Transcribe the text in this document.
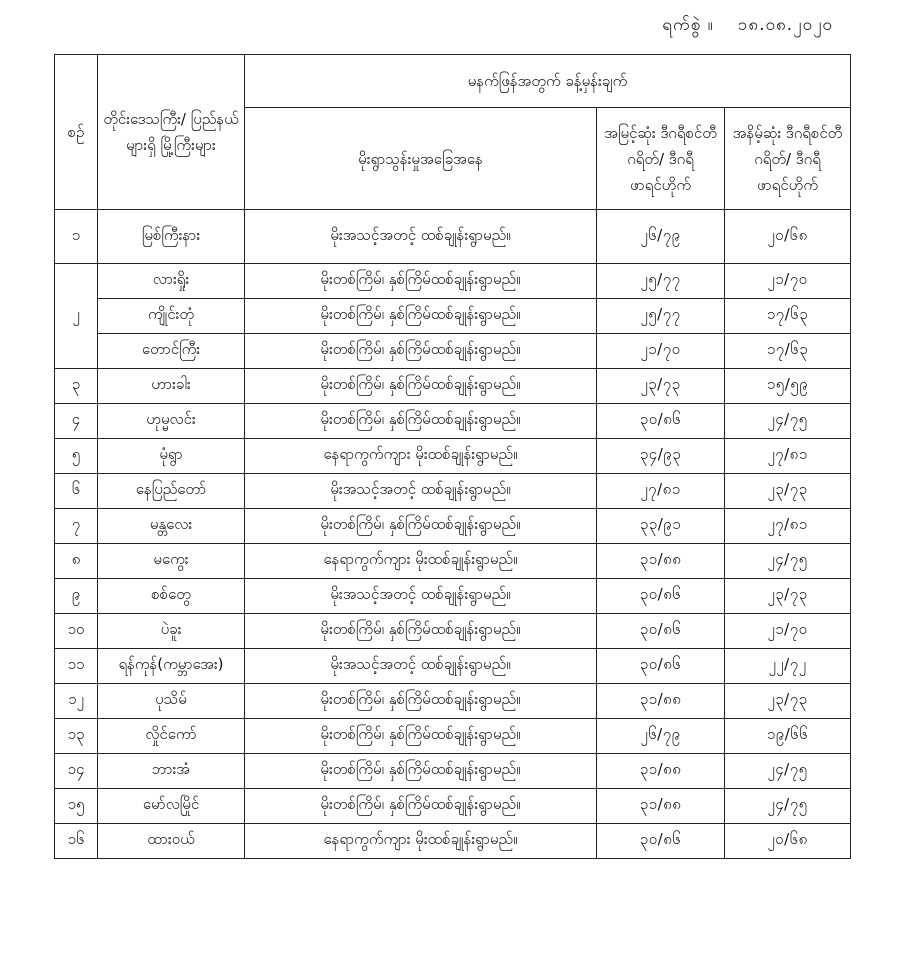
ရက်စွဲ ။ ၁၈.၀၈.၂၀၂၀
စဉ်	တိုင်းဒေသကြီး/ ပြည်နယ်များရှိ မြို့ကြီးများ	မနက်ဖြန်အတွက် ခန့်မှန်းချက်		
		မိုးရွာသွန်းမှုအခြေအနေ	အမြင့်ဆုံး ဒီဂရီစင်တီဂရိတ်/ ဒီဂရီဖာရင်ဟိုက်	အနိမ့်ဆုံး ဒီဂရီစင်တီဂရိတ်/ ဒီဂရီဖာရင်ဟိုက်

၁	မြစ်ကြီးနား	မိုးအသင့်အတင့် ထစ်ချုန်းရွာမည်။	၂၆/၇၉	၂၀/၆၈
၂	လားရှိုး	မိုးတစ်ကြိမ်၊ နှစ်ကြိမ်ထစ်ချုန်းရွာမည်။	၂၅/၇၇	၂၁/၇၀
	ကျိုင်းတုံ	မိုးတစ်ကြိမ်၊ နှစ်ကြိမ်ထစ်ချုန်းရွာမည်။	၂၅/၇၇	၁၇/၆၃
	တောင်ကြီး	မိုးတစ်ကြိမ်၊ နှစ်ကြိမ်ထစ်ချုန်းရွာမည်။	၂၁/၇၀	၁၇/၆၃
၃	ဟားခါး	မိုးတစ်ကြိမ်၊ နှစ်ကြိမ်ထစ်ချုန်းရွာမည်။	၂၃/၇၃	၁၅/၅၉
၄	ဟုမ္မလင်း	မိုးတစ်ကြိမ်၊ နှစ်ကြိမ်ထစ်ချုန်းရွာမည်။	၃၀/၈၆	၂၄/၇၅
၅	မုံရွာ	နေရာကွက်ကျား မိုးထစ်ချုန်းရွာမည်။	၃၄/၉၃	၂၇/၈၁
၆	နေပြည်တော်	မိုးအသင့်အတင့် ထစ်ချုန်းရွာမည်။	၂၇/၈၁	၂၃/၇၃
၇	မန္တလေး	မိုးတစ်ကြိမ်၊ နှစ်ကြိမ်ထစ်ချုန်းရွာမည်။	၃၃/၉၁	၂၇/၈၁
၈	မကွေး	နေရာကွက်ကျား မိုးထစ်ချုန်းရွာမည်။	၃၁/၈၈	၂၄/၇၅
၉	စစ်တွေ	မိုးအသင့်အတင့် ထစ်ချုန်းရွာမည်။	၃၀/၈၆	၂၃/၇၃
၁၀	ပဲခူး	မိုးတစ်ကြိမ်၊ နှစ်ကြိမ်ထစ်ချုန်းရွာမည်။	၃၀/၈၆	၂၁/၇၀
၁၁	ရန်ကုန်(ကမ္ဘာအေး)	မိုးအသင့်အတင့် ထစ်ချုန်းရွာမည်။	၃၀/၈၆	၂၂/၇၂
၁၂	ပုသိမ်	မိုးတစ်ကြိမ်၊ နှစ်ကြိမ်ထစ်ချုန်းရွာမည်။	၃၁/၈၈	၂၃/၇၃
၁၃	လှိုင်ကော်	မိုးတစ်ကြိမ်၊ နှစ်ကြိမ်ထစ်ချုန်းရွာမည်။	၂၆/၇၉	၁၉/၆၆
၁၄	ဘားအံ	မိုးတစ်ကြိမ်၊ နှစ်ကြိမ်ထစ်ချုန်းရွာမည်။	၃၁/၈၈	၂၄/၇၅
၁၅	မော်လမြိုင်	မိုးတစ်ကြိမ်၊ နှစ်ကြိမ်ထစ်ချုန်းရွာမည်။	၃၁/၈၈	၂၄/၇၅
၁၆	ထားဝယ်	နေရာကွက်ကျား မိုးထစ်ချုန်းရွာမည်။	၃၀/၈၆	၂၀/၆၈
